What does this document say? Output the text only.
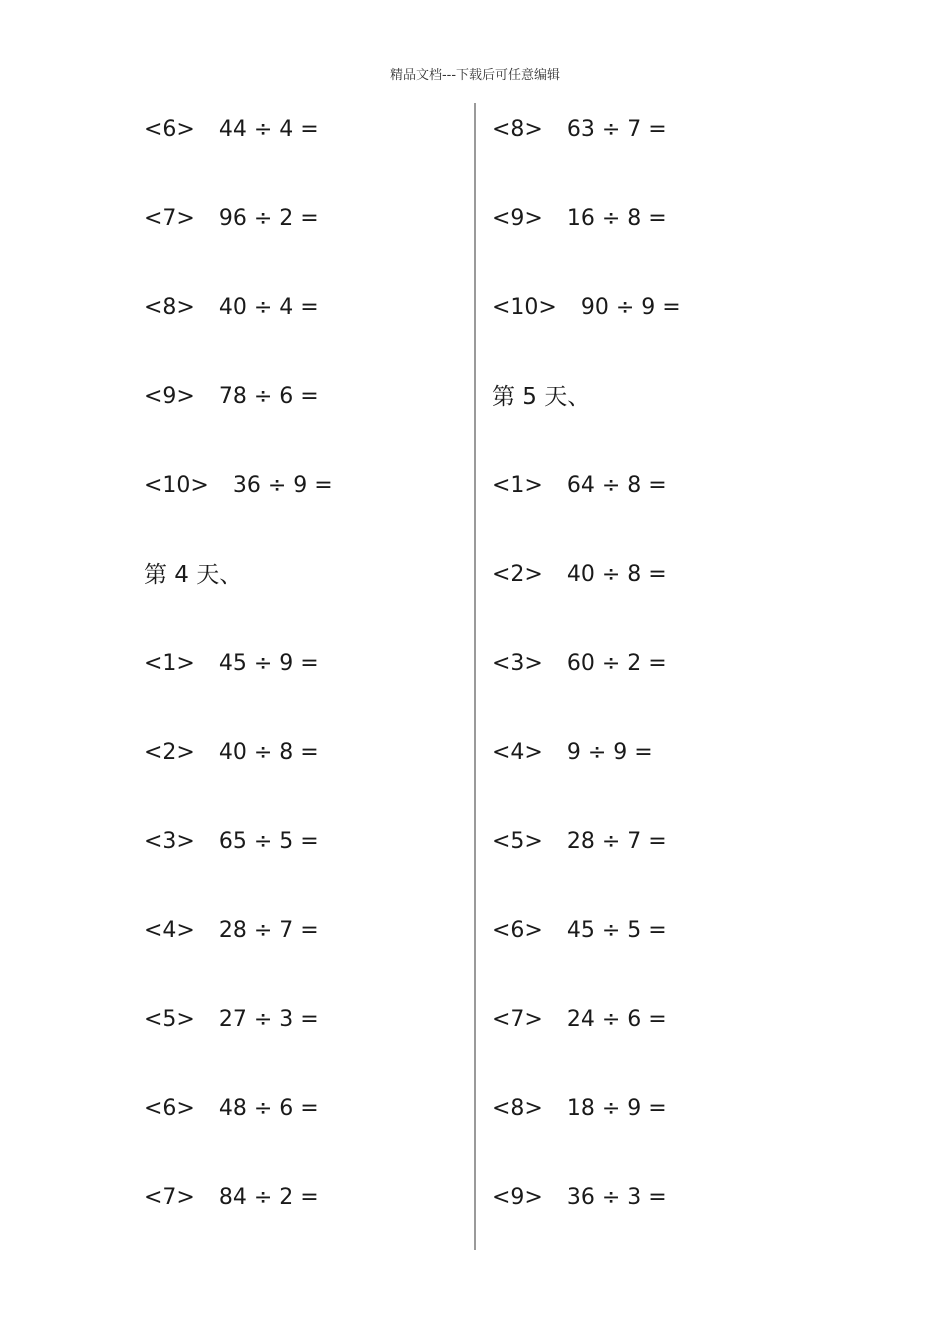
精品文档---下载后可任意编辑
<6> 44 ÷ 4 =
<7> 96 ÷ 2 =
<8> 40 ÷ 4 =
<9> 78 ÷ 6 =
<10> 36 ÷ 9 =
第 4 天、
<1> 45 ÷ 9 =
<2> 40 ÷ 8 =
<3> 65 ÷ 5 =
<4> 28 ÷ 7 =
<5> 27 ÷ 3 =
<6> 48 ÷ 6 =
<7> 84 ÷ 2 =
<8> 63 ÷ 7 =
<9> 16 ÷ 8 =
<10> 90 ÷ 9 =
第 5 天、
<1> 64 ÷ 8 =
<2> 40 ÷ 8 =
<3> 60 ÷ 2 =
<4> 9 ÷ 9 =
<5> 28 ÷ 7 =
<6> 45 ÷ 5 =
<7> 24 ÷ 6 =
<8> 18 ÷ 9 =
<9> 36 ÷ 3 =
